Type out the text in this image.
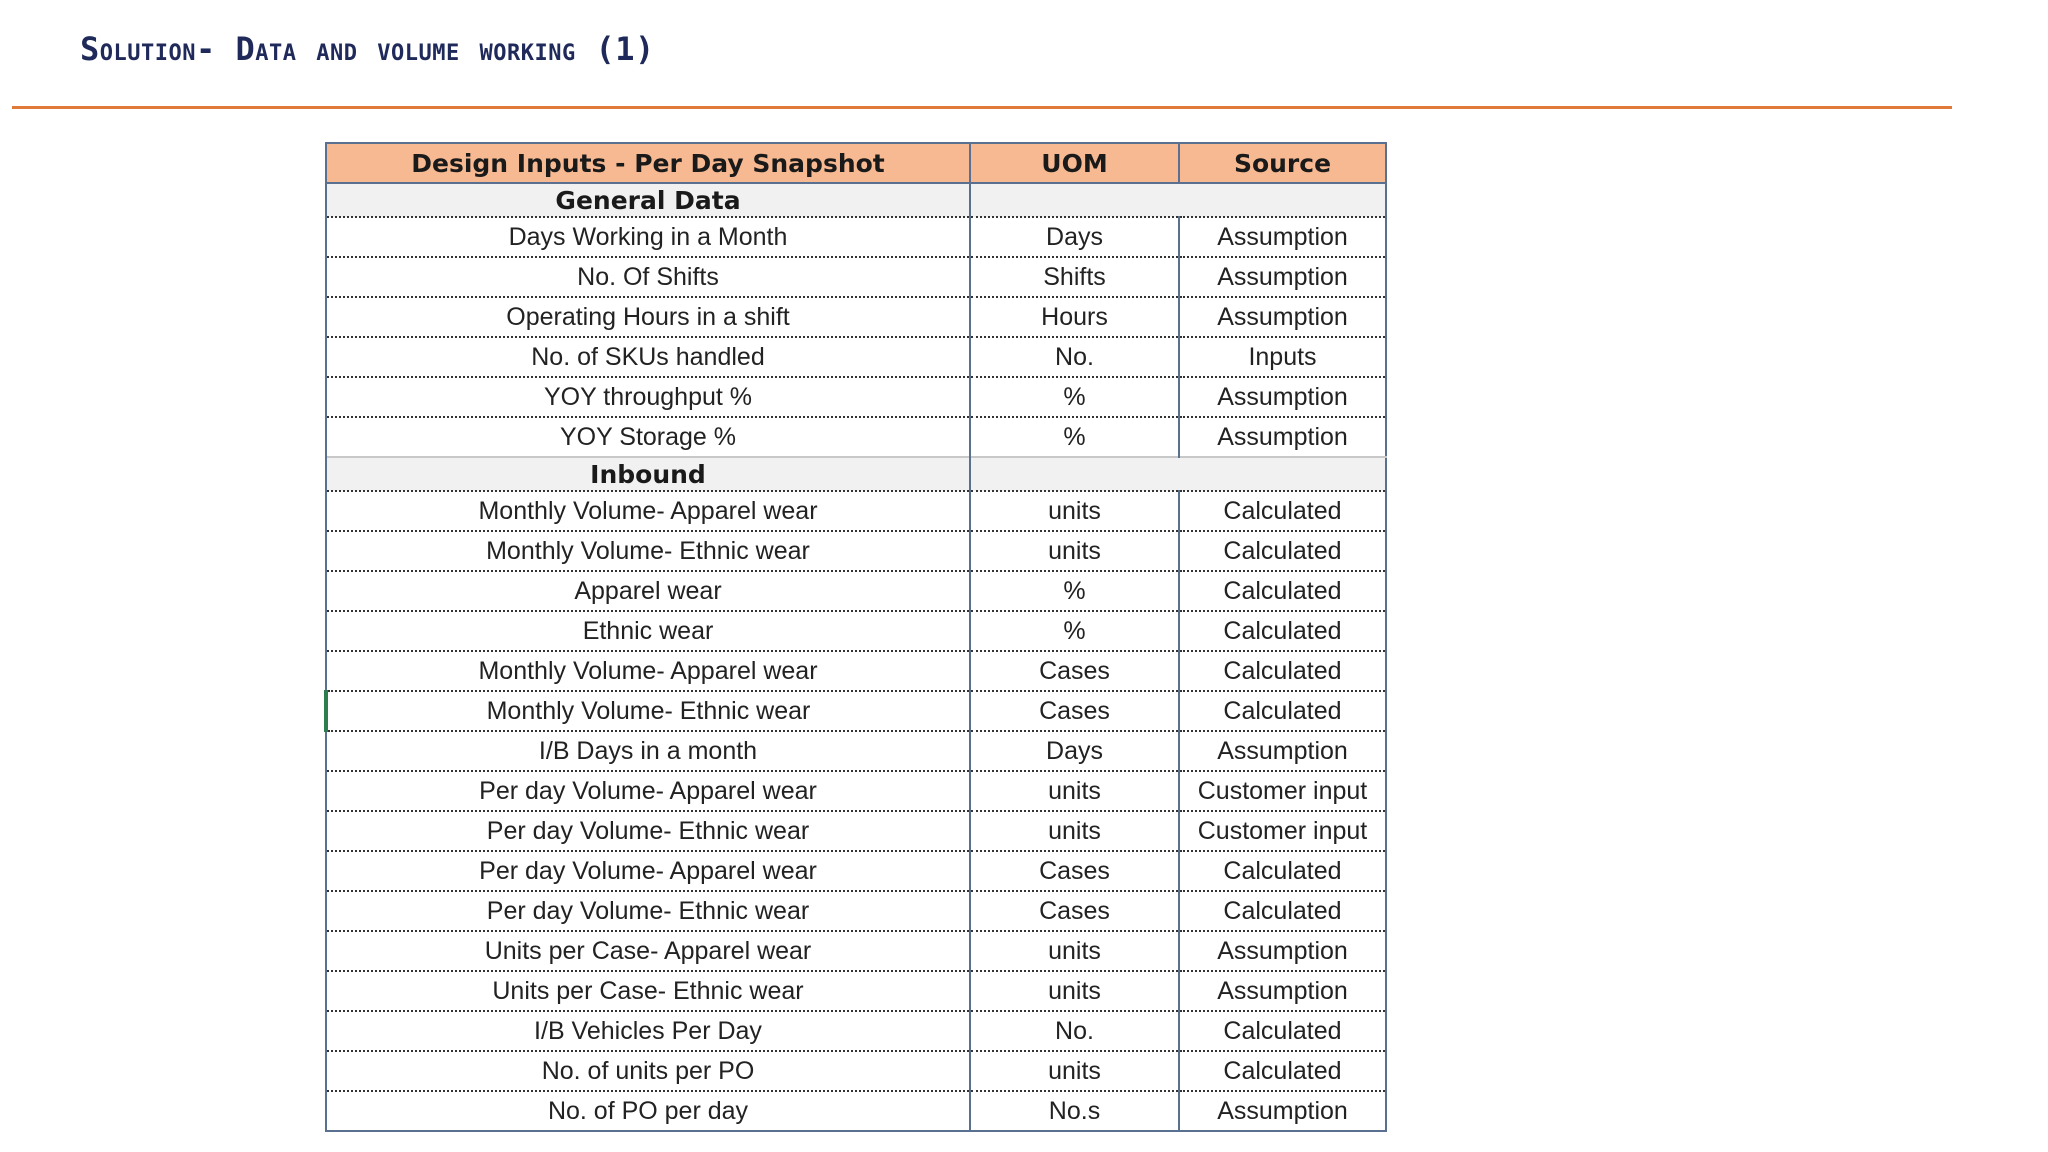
Solution- Data and volume working (1)
Design Inputs - Per Day Snapshot	UOM	Source
General Data		
Days Working in a Month	Days	Assumption
No. Of Shifts	Shifts	Assumption
Operating Hours in a shift	Hours	Assumption
No. of SKUs handled	No.	Inputs
YOY throughput %	%	Assumption
YOY Storage %	%	Assumption
Inbound		
Monthly Volume- Apparel wear	units	Calculated
Monthly Volume- Ethnic wear	units	Calculated
Apparel wear	%	Calculated
Ethnic wear	%	Calculated
Monthly Volume- Apparel wear	Cases	Calculated
Monthly Volume- Ethnic wear	Cases	Calculated
I/B Days in a month	Days	Assumption
Per day Volume- Apparel wear	units	Customer input
Per day Volume- Ethnic wear	units	Customer input
Per day Volume- Apparel wear	Cases	Calculated
Per day Volume- Ethnic wear	Cases	Calculated
Units per Case- Apparel wear	units	Assumption
Units per Case- Ethnic wear	units	Assumption
I/B Vehicles Per Day	No.	Calculated
No. of units per PO	units	Calculated
No. of PO per day	No.s	Assumption
